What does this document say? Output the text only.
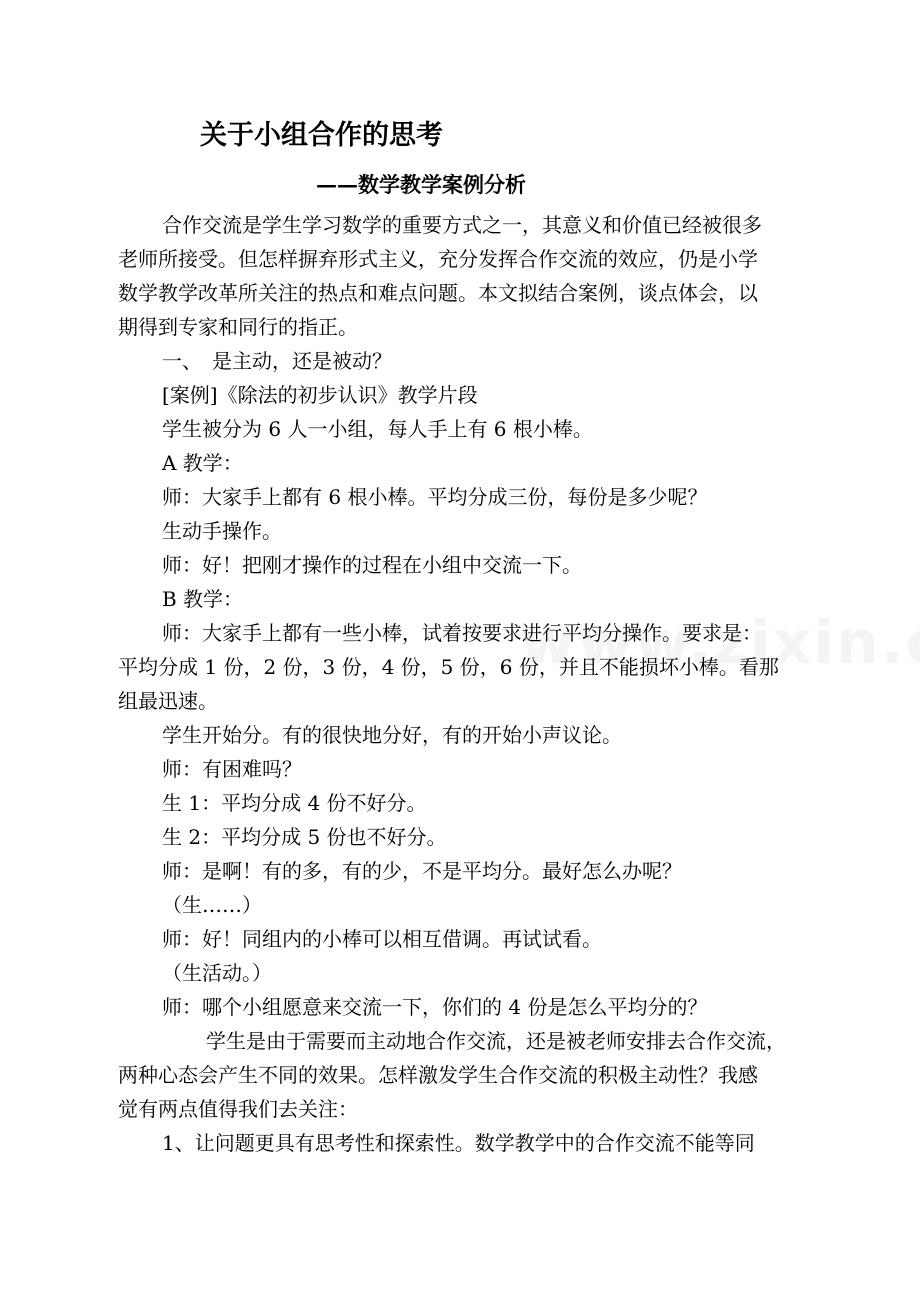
关于小组合作的思考
——数学教学案例分析

合作交流是学生学习数学的重要方式之一，其意义和价值已经被很多

老师所接受。但怎样摒弃形式主义，充分发挥合作交流的效应，仍是小学

数学教学改革所关注的热点和难点问题。本文拟结合案例，谈点体会，以

期得到专家和同行的指正。

一、　是主动，还是被动？

[案例]《除法的初步认识》教学片段

学生被分为 6 人一小组，每人手上有 6 根小棒。

A 教学：

师：大家手上都有 6 根小棒。平均分成三份，每份是多少呢？

生动手操作。

师：好！把刚才操作的过程在小组中交流一下。

B 教学：

师：大家手上都有一些小棒，试着按要求进行平均分操作。要求是：

平均分成 1 份，2 份，3 份，4 份，5 份，6 份，并且不能损坏小棒。看那

组最迅速。

学生开始分。有的很快地分好，有的开始小声议论。

师：有困难吗？

生 1：平均分成 4 份不好分。

生 2：平均分成 5 份也不好分。

师：是啊！有的多，有的少，不是平均分。最好怎么办呢？

（生……）

师：好！同组内的小棒可以相互借调。再试试看。

（生活动。）

师：哪个小组愿意来交流一下，你们的 4 份是怎么平均分的？

学生是由于需要而主动地合作交流，还是被老师安排去合作交流，

两种心态会产生不同的效果。怎样激发学生合作交流的积极主动性？我感

觉有两点值得我们去关注：

1、让问题更具有思考性和探索性。数学教学中的合作交流不能等同
